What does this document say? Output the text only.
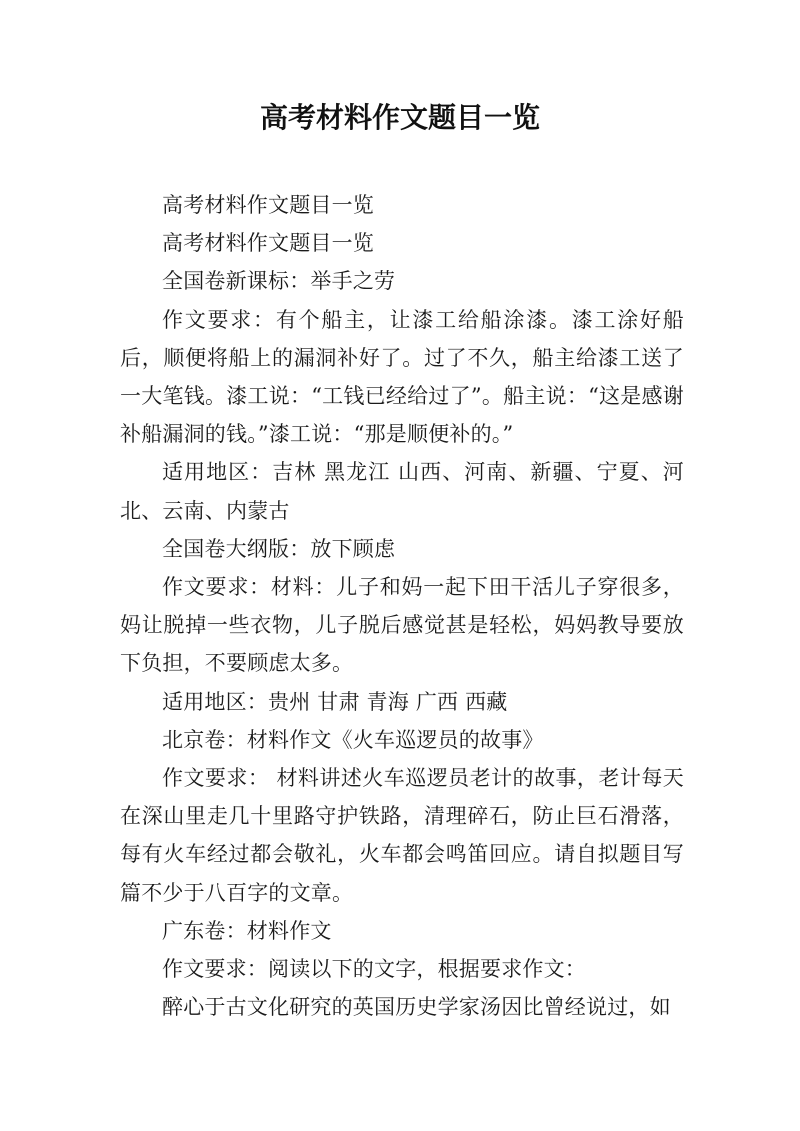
高考材料作文题目一览

高考材料作文题目一览

高考材料作文题目一览

全国卷新课标：举手之劳

作文要求：有个船主，让漆工给船涂漆。漆工涂好船后，顺便将船上的漏洞补好了。过了不久，船主给漆工送了一大笔钱。漆工说：“工钱已经给过了”。船主说：“这是感谢补船漏洞的钱。”漆工说：“那是顺便补的。”

适用地区：吉林 黑龙江 山西、河南、新疆、宁夏、河北、云南、内蒙古

全国卷大纲版：放下顾虑

作文要求：材料：儿子和妈一起下田干活儿子穿很多，妈让脱掉一些衣物，儿子脱后感觉甚是轻松，妈妈教导要放下负担，不要顾虑太多。

适用地区：贵州 甘肃 青海 广西 西藏

北京卷：材料作文《火车巡逻员的故事》

作文要求： 材料讲述火车巡逻员老计的故事，老计每天在深山里走几十里路守护铁路，清理碎石，防止巨石滑落，每有火车经过都会敬礼，火车都会鸣笛回应。请自拟题目写篇不少于八百字的文章。

广东卷：材料作文

作文要求：阅读以下的文字，根据要求作文：

醉心于古文化研究的英国历史学家汤因比曾经说过，如
